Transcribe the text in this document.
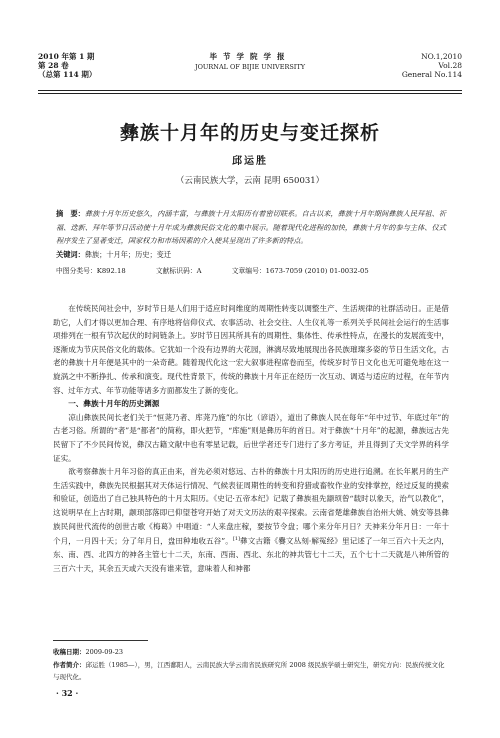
2010 年第 1 期
第 28 卷
（总第 114 期）
毕节学院学报
JOURNAL OF BIJIE UNIVERSITY
NO.1,2010
Vol.28
General No.114
彝族十月年的历史与变迁探析
邱运胜
（云南民族大学，云南 昆明 650031）
摘　要：彝族十月年历史悠久，内涵丰富，与彝族十月太阳历有着密切联系。自古以来，彝族十月年期间彝族人民拜祖、祈福、迭新、拜年等节日活动使十月年成为彝族民俗文化的集中展示。随着现代化进程的加快，彝族十月年的参与主体、仪式程序发生了显著变迁，国家权力和市场因素的介入使其呈现出了许多新的特点。
关键词：彝族；十月年；历史；变迁
中图分类号：K892.18	文献标识码：A	文章编号：1673-7059 (2010) 01-0032-05

在传统民间社会中，岁时节日是人们用于适应时间维度的周期性转变以调整生产、生活规律的社群活动日。正是借助它，人们才得以更加合理、有序地将信仰仪式、农事活动、社会交往、人生仪礼等一系列关乎民间社会运行的生活事项排列在一根有节次起伏的时间链条上。岁时节日因其所具有的周期性、集体性、传承性特点，在漫长的发展流变中，逐渐成为节庆民俗文化的载体。它犹如一个没有边界的大花园，淋漓尽致地展现出各民族璀璨多姿的节日生活文化，古老的彝族十月年便是其中的一朵奇葩。随着现代化这一宏大叙事进程席卷而至，传统岁时节日文化也无可避免地在这一旋涡之中不断挣扎、传承和演变。现代性背景下，传统的彝族十月年正在经历一次互动、调适与适应的过程，在年节内容、过年方式、年节功能等诸多方面都发生了新的变化。

一、彝族十月年的历史渊源

凉山彝族民间长老们关于“恒荛乃者、库荛乃施”的尔比（谚语），道出了彝族人民在每年“年中过节、年底过年”的古老习俗。所谓的“者”是“都者”的简称，即火把节，“库施”则是彝历年的首日。对于彝族“十月年”的起源，彝族远古先民留下了不少民间传说，彝汉古籍文献中也有零星记载，后世学者还专门进行了多方考证，并且得到了天文学界的科学证实。

欲考察彝族十月年习俗的真正由来，首先必须对悠远、古朴的彝族十月太阳历的历史进行追溯。在长年累月的生产生活实践中，彝族先民根据其对天体运行情况、气候表征周期性的转变和狩猎或畜牧作业的安排掌控，经过反复的摸索和验证，创造出了自己独具特色的十月太阳历。《史记·五帝本纪》记载了彝族祖先颛顼曾“载时以象天，治气以教化”，这说明早在上古时期，颛顼部落即已仰望苍穹开始了对天文历法的艰辛探索。云南省楚雄彝族自治州大姚、姚安等县彝族民间世代流传的创世古歌《梅葛》中唱道：“人来盘庄稼，要按节令盘；哪个来分年月日？天神来分年月日：一年十个月，一月四十天；分了年月日，盘田种地收五谷”。[1]彝文古籍《爨文丛刻·解冤经》里记述了一年三百六十天之内，东、南、西、北四方的神各主管七十二天，东南、西南、西北、东北的神共管七十二天，五个七十二天就是八神所管的三百六十天，其余五天或六天没有谁来管，意味着人和神都

收稿日期：2009-09-23
作者简介：邱运胜（1985—），男，江西鄱阳人，云南民族大学云南省民族研究所 2008 级民族学硕士研究生，研究方向：民族传统文化与现代化。
· 32 ·
